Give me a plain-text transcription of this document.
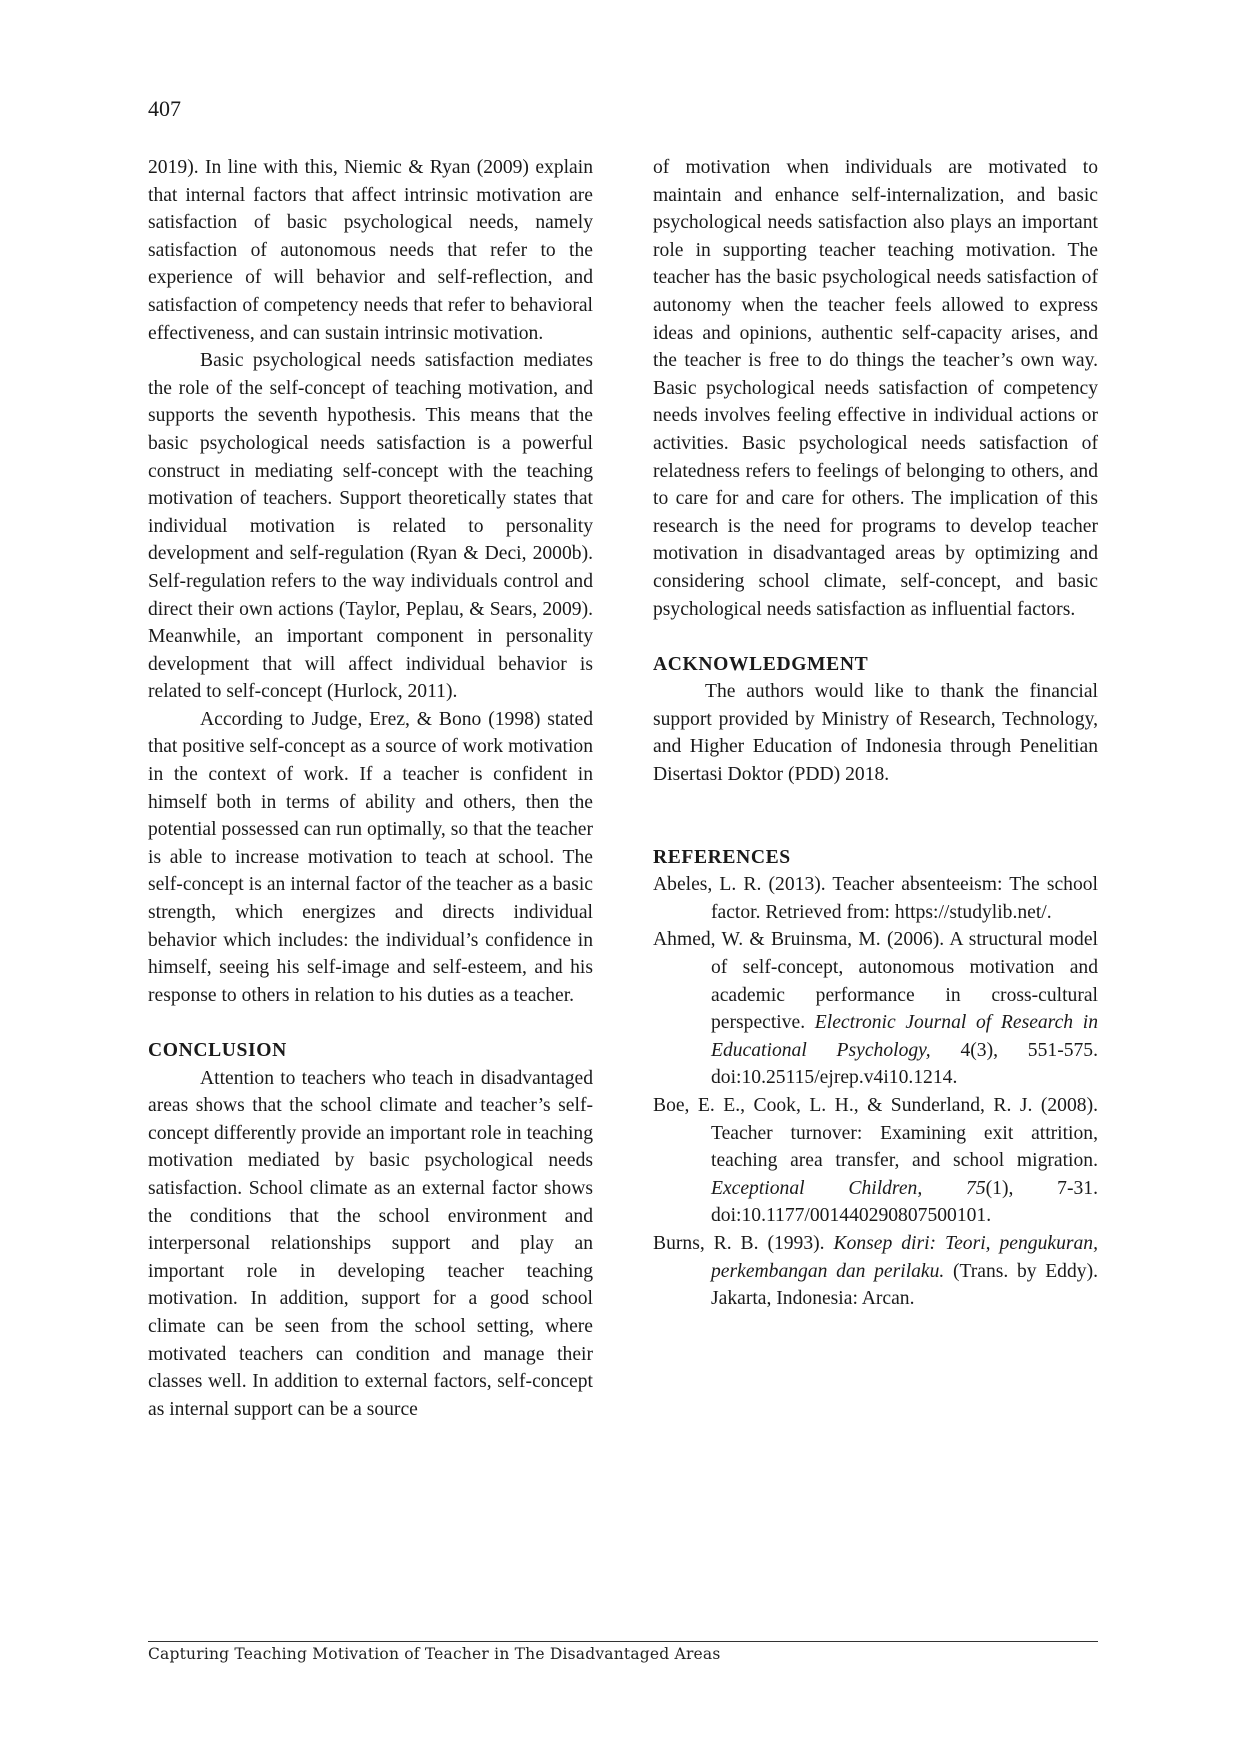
407

2019). In line with this, Niemic & Ryan (2009) explain that internal factors that affect intrinsic motivation are satisfaction of basic psychological needs, namely satisfaction of autonomous needs that refer to the experience of will behavior and self-reflection, and satisfaction of competency needs that refer to behavioral effectiveness, and can sustain intrinsic motivation.

Basic psychological needs satisfaction mediates the role of the self-concept of teaching motivation, and supports the seventh hypothesis. This means that the basic psychological needs satisfaction is a powerful construct in mediating self-concept with the teaching motivation of teachers. Support theoretically states that individual motivation is related to personality development and self-regulation (Ryan & Deci, 2000b). Self-regulation refers to the way individuals control and direct their own actions (Taylor, Peplau, & Sears, 2009). Meanwhile, an important component in personality development that will affect individual behavior is related to self-concept (Hurlock, 2011).

According to Judge, Erez, & Bono (1998) stated that positive self-concept as a source of work motivation in the context of work. If a teacher is confident in himself both in terms of ability and others, then the potential possessed can run optimally, so that the teacher is able to increase motivation to teach at school. The self-concept is an internal factor of the teacher as a basic strength, which energizes and directs individual behavior which includes: the individual’s confidence in himself, seeing his self-image and self-esteem, and his response to others in relation to his duties as a teacher.

CONCLUSION

Attention to teachers who teach in disadvantaged areas shows that the school climate and teacher’s self-concept differently provide an important role in teaching motivation mediated by basic psychological needs satisfaction. School climate as an external factor shows the conditions that the school environment and interpersonal relationships support and play an important role in developing teacher teaching motivation. In addition, support for a good school climate can be seen from the school setting, where motivated teachers can condition and manage their classes well. In addition to external factors, self-concept as internal support can be a source

of motivation when individuals are motivated to maintain and enhance self-internalization, and basic psychological needs satisfaction also plays an important role in supporting teacher teaching motivation. The teacher has the basic psychological needs satisfaction of autonomy when the teacher feels allowed to express ideas and opinions, authentic self-capacity arises, and the teacher is free to do things the teacher’s own way. Basic psychological needs satisfaction of competency needs involves feeling effective in individual actions or activities. Basic psychological needs satisfaction of relatedness refers to feelings of belonging to others, and to care for and care for others. The implication of this research is the need for programs to develop teacher motivation in disadvantaged areas by optimizing and considering school climate, self-concept, and basic psychological needs satisfaction as influential factors.

ACKNOWLEDGMENT

The authors would like to thank the financial support provided by Ministry of Research, Technology, and Higher Education of Indonesia through Penelitian Disertasi Doktor (PDD) 2018.

REFERENCES

Abeles, L. R. (2013). Teacher absenteeism: The school factor. Retrieved from: https://studylib.net/.

Ahmed, W. & Bruinsma, M. (2006). A structural model of self-concept, autonomous motivation and academic performance in cross-cultural perspective. Electronic Journal of Research in Educational Psychology, 4(3), 551-575. doi:10.25115/ejrep.v4i10.1214.

Boe, E. E., Cook, L. H., & Sunderland, R. J. (2008). Teacher turnover: Examining exit attrition, teaching area transfer, and school migration. Exceptional Children, 75(1), 7-31. doi:10.1177/001440290807500101.

Burns, R. B. (1993). Konsep diri: Teori, pengukuran, perkembangan dan perilaku. (Trans. by Eddy). Jakarta, Indonesia: Arcan.

Capturing Teaching Motivation of Teacher in The Disadvantaged Areas
